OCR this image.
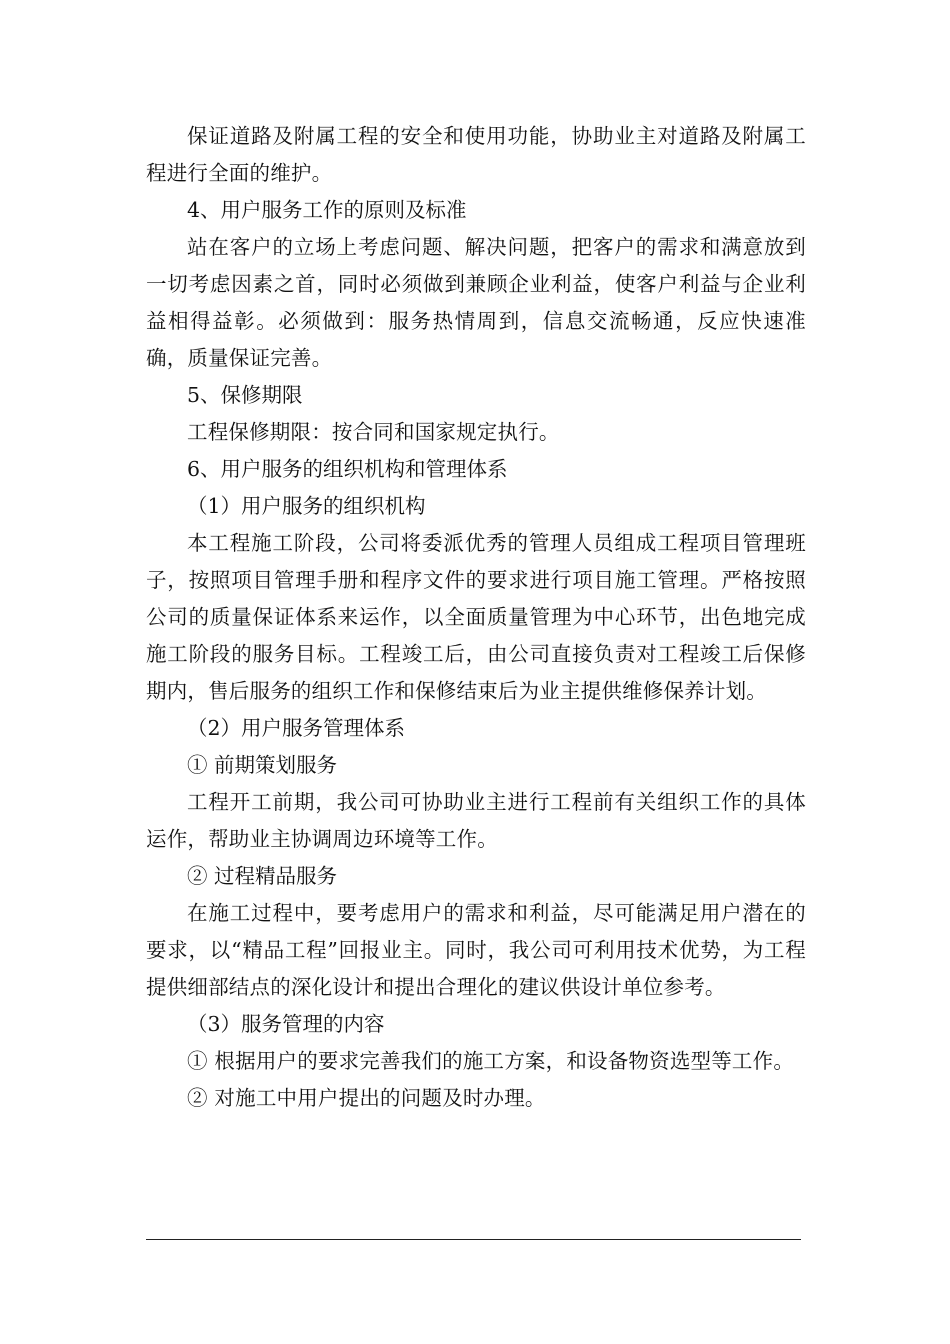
保证道路及附属工程的安全和使用功能，协助业主对道路及附属工程进行全面的维护。

4、用户服务工作的原则及标准

站在客户的立场上考虑问题、解决问题，把客户的需求和满意放到一切考虑因素之首，同时必须做到兼顾企业利益，使客户利益与企业利益相得益彰。必须做到：服务热情周到，信息交流畅通，反应快速准确，质量保证完善。

5、保修期限

工程保修期限：按合同和国家规定执行。

6、用户服务的组织机构和管理体系

（1）用户服务的组织机构

本工程施工阶段，公司将委派优秀的管理人员组成工程项目管理班子，按照项目管理手册和程序文件的要求进行项目施工管理。严格按照公司的质量保证体系来运作，以全面质量管理为中心环节，出色地完成施工阶段的服务目标。工程竣工后，由公司直接负责对工程竣工后保修期内，售后服务的组织工作和保修结束后为业主提供维修保养计划。

（2）用户服务管理体系

① 前期策划服务

工程开工前期，我公司可协助业主进行工程前有关组织工作的具体运作，帮助业主协调周边环境等工作。

② 过程精品服务

在施工过程中，要考虑用户的需求和利益，尽可能满足用户潜在的要求，以“精品工程”回报业主。同时，我公司可利用技术优势，为工程提供细部结点的深化设计和提出合理化的建议供设计单位参考。

（3）服务管理的内容

① 根据用户的要求完善我们的施工方案，和设备物资选型等工作。

② 对施工中用户提出的问题及时办理。
